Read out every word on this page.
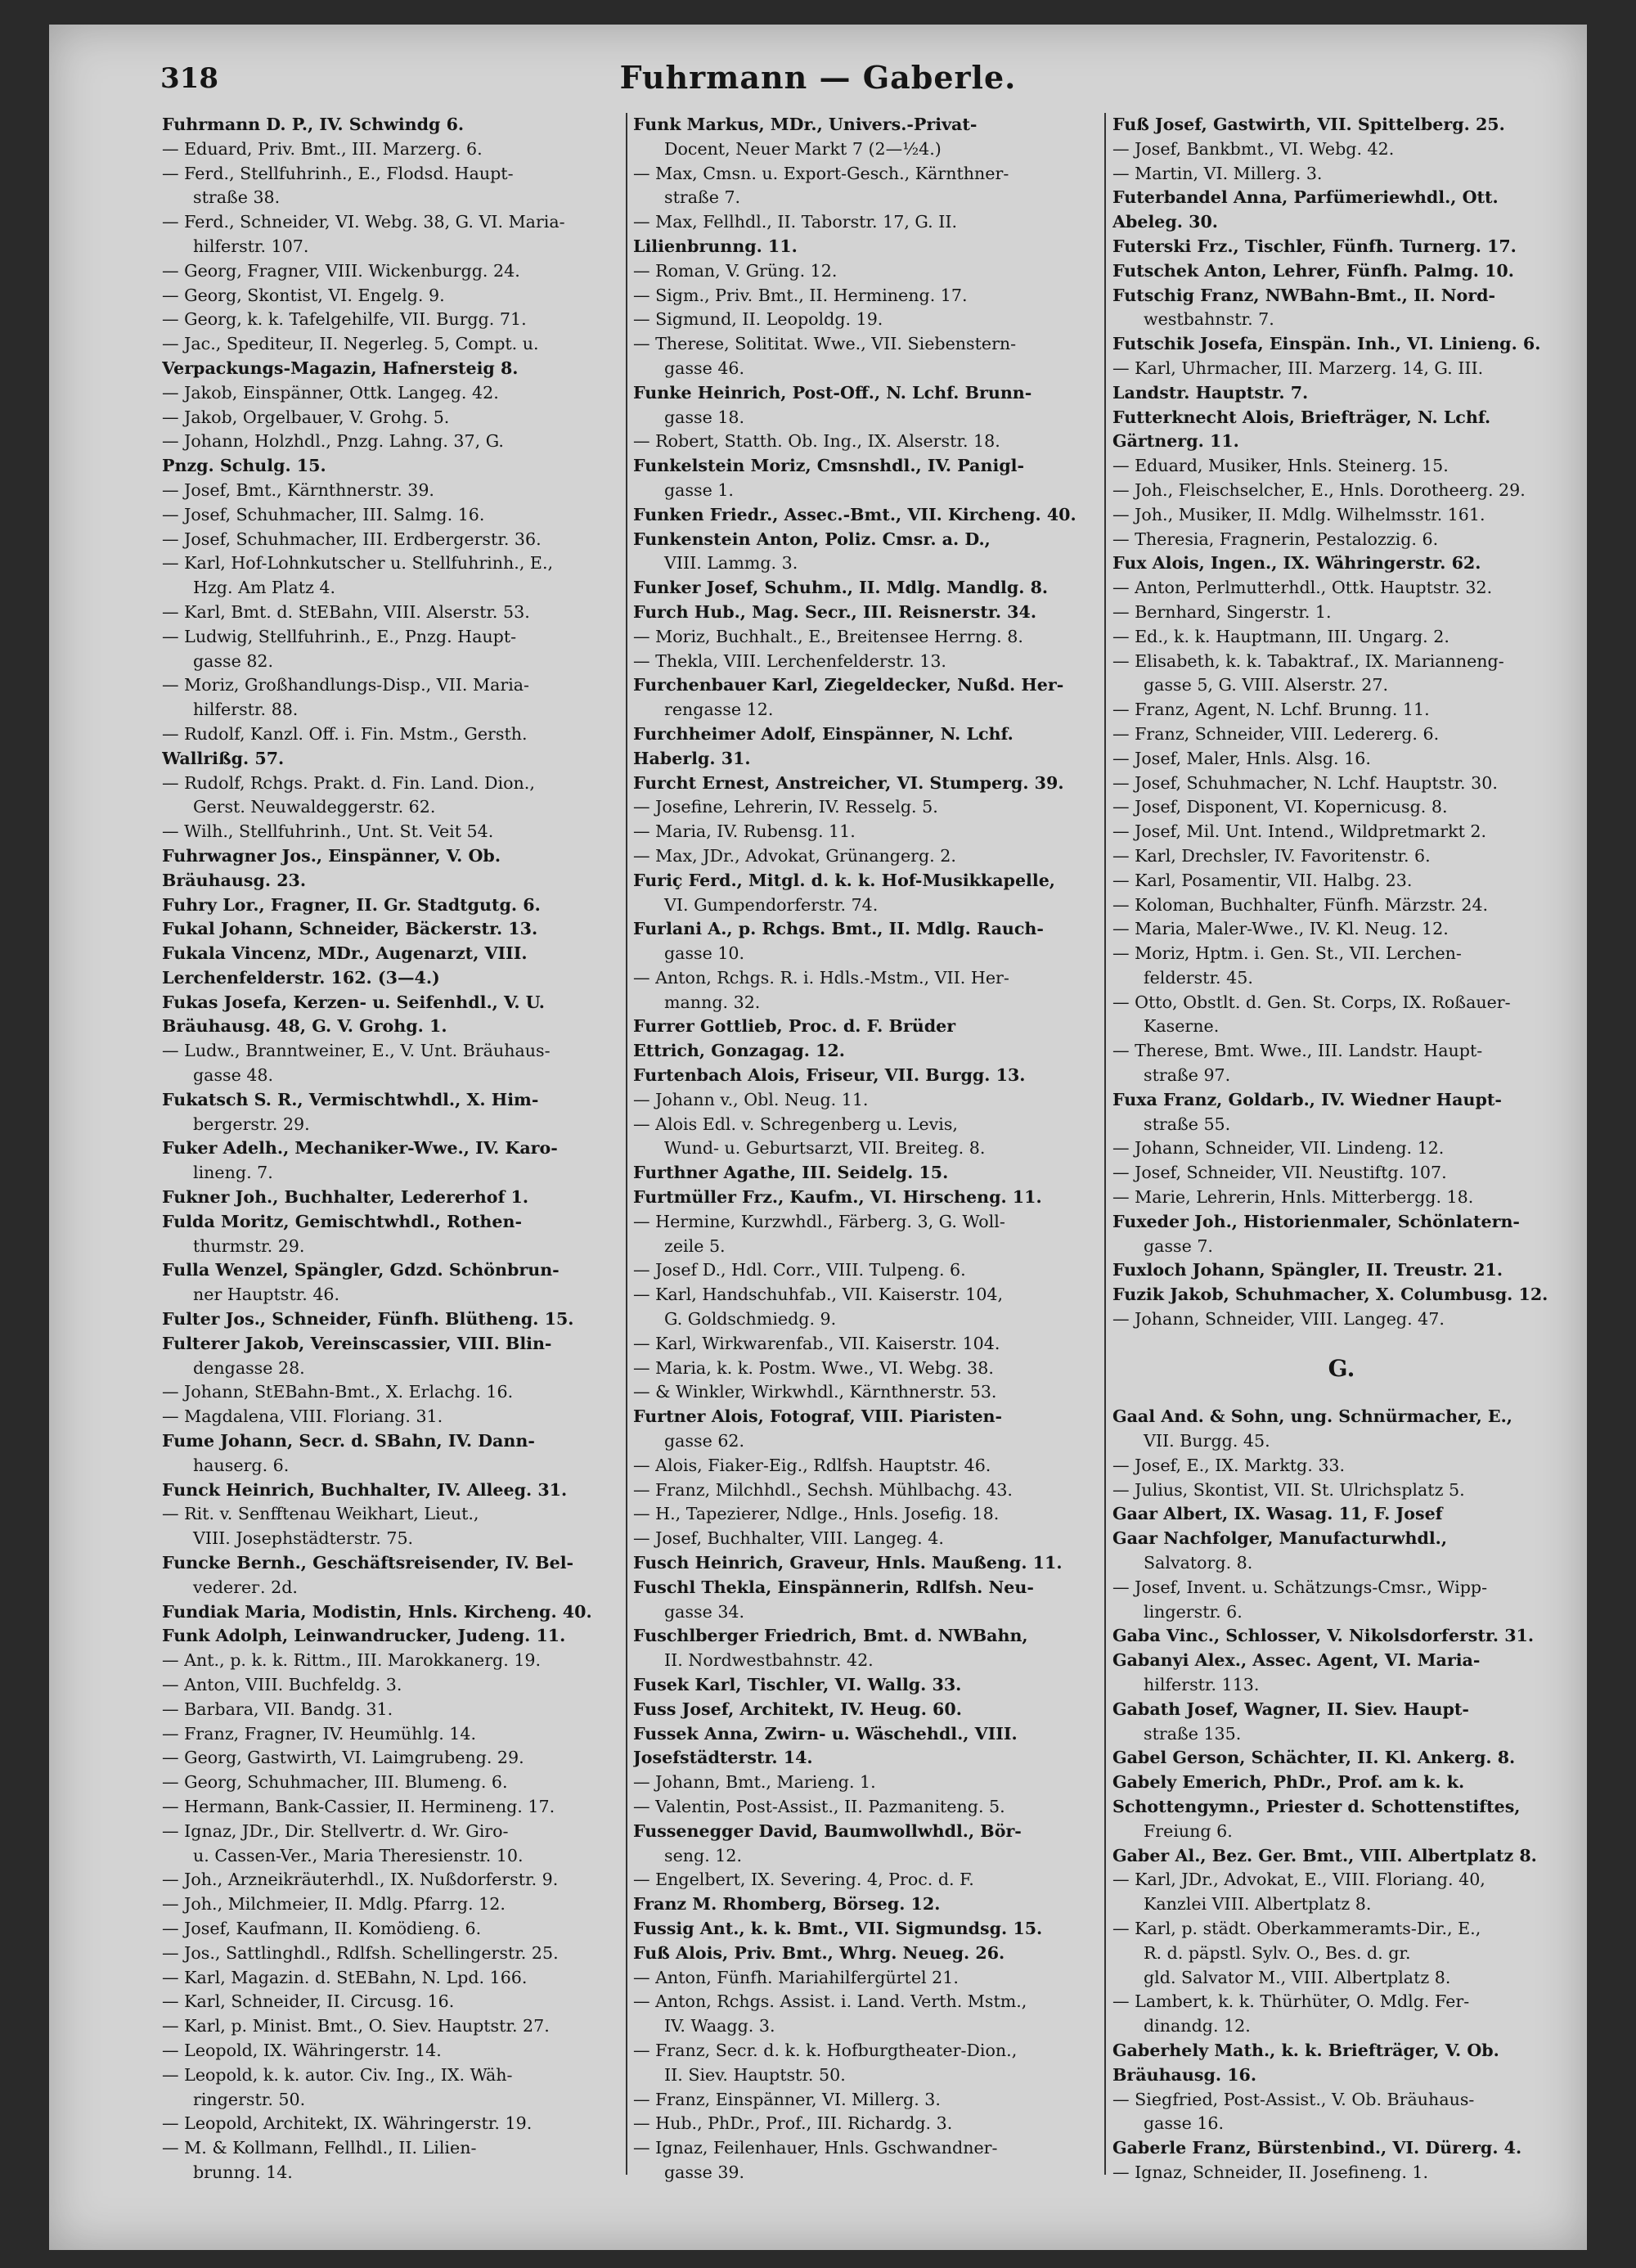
318	Fuhrmann — Gaberle.
Fuhrmann D. P., IV. Schwindg 6.
— Eduard, Priv. Bmt., III. Marzerg. 6.
— Ferd., Stellfuhrinh., E., Flodsd. Haupt-
straße 38.
— Ferd., Schneider, VI. Webg. 38, G. VI. Maria-
hilferstr. 107.
— Georg, Fragner, VIII. Wickenburgg. 24.
— Georg, Skontist, VI. Engelg. 9.
— Georg, k. k. Tafelgehilfe, VII. Burgg. 71.
— Jac., Spediteur, II. Negerleg. 5, Compt. u.
Verpackungs-Magazin, Hafnersteig 8.
— Jakob, Einspänner, Ottk. Langeg. 42.
— Jakob, Orgelbauer, V. Grohg. 5.
— Johann, Holzhdl., Pnzg. Lahng. 37, G.
Pnzg. Schulg. 15.
— Josef, Bmt., Kärnthnerstr. 39.
— Josef, Schuhmacher, III. Salmg. 16.
— Josef, Schuhmacher, III. Erdbergerstr. 36.
— Karl, Hof-Lohnkutscher u. Stellfuhrinh., E.,
Hzg. Am Platz 4.
— Karl, Bmt. d. StEBahn, VIII. Alserstr. 53.
— Ludwig, Stellfuhrinh., E., Pnzg. Haupt-
gasse 82.
— Moriz, Großhandlungs-Disp., VII. Maria-
hilferstr. 88.
— Rudolf, Kanzl. Off. i. Fin. Mstm., Gersth.
Wallrißg. 57.
— Rudolf, Rchgs. Prakt. d. Fin. Land. Dion.,
Gerst. Neuwaldeggerstr. 62.
— Wilh., Stellfuhrinh., Unt. St. Veit 54.
Fuhrwagner Jos., Einspänner, V. Ob.
Bräuhausg. 23.
Fuhry Lor., Fragner, II. Gr. Stadtgutg. 6.
Fukal Johann, Schneider, Bäckerstr. 13.
Fukala Vincenz, MDr., Augenarzt, VIII.
Lerchenfelderstr. 162. (3—4.)
Fukas Josefa, Kerzen- u. Seifenhdl., V. U.
Bräuhausg. 48, G. V. Grohg. 1.
— Ludw., Branntweiner, E., V. Unt. Bräuhaus-
gasse 48.
Fukatsch S. R., Vermischtwhdl., X. Him-
bergerstr. 29.
Fuker Adelh., Mechaniker-Wwe., IV. Karo-
lineng. 7.
Fukner Joh., Buchhalter, Ledererhof 1.
Fulda Moritz, Gemischtwhdl., Rothen-
thurmstr. 29.
Fulla Wenzel, Spängler, Gdzd. Schönbrun-
ner Hauptstr. 46.
Fulter Jos., Schneider, Fünfh. Blütheng. 15.
Fulterer Jakob, Vereinscassier, VIII. Blin-
dengasse 28.
— Johann, StEBahn-Bmt., X. Erlachg. 16.
— Magdalena, VIII. Floriang. 31.
Fume Johann, Secr. d. SBahn, IV. Dann-
hauserg. 6.
Funck Heinrich, Buchhalter, IV. Alleeg. 31.
— Rit. v. Senfftenau Weikhart, Lieut.,
VIII. Josephstädterstr. 75.
Funcke Bernh., Geschäftsreisender, IV. Bel-
vederег. 2d.
Fundiak Maria, Modistin, Hnls. Kircheng. 40.
Funk Adolph, Leinwandrucker, Judeng. 11.
— Ant., p. k. k. Rittm., III. Marokkanerg. 19.
— Anton, VIII. Buchfeldg. 3.
— Barbara, VII. Bandg. 31.
— Franz, Fragner, IV. Heumühlg. 14.
— Georg, Gastwirth, VI. Laimgrubeng. 29.
— Georg, Schuhmacher, III. Blumeng. 6.
— Hermann, Bank-Cassier, II. Hermineng. 17.
— Ignaz, JDr., Dir. Stellvertr. d. Wr. Giro-
u. Cassen-Ver., Maria Theresienstr. 10.
— Joh., Arzneikräuterhdl., IX. Nußdorferstr. 9.
— Joh., Milchmeier, II. Mdlg. Pfarrg. 12.
— Josef, Kaufmann, II. Komödieng. 6.
— Jos., Sattlinghdl., Rdlfsh. Schellingerstr. 25.
— Karl, Magazin. d. StEBahn, N. Lpd. 166.
— Karl, Schneider, II. Circusg. 16.
— Karl, p. Minist. Bmt., O. Siev. Hauptstr. 27.
— Leopold, IX. Währingerstr. 14.
— Leopold, k. k. autor. Civ. Ing., IX. Wäh-
ringerstr. 50.
— Leopold, Architekt, IX. Währingerstr. 19.
— M. & Kollmann, Fellhdl., II. Lilien-
brunng. 14.
Funk Markus, MDr., Univers.-Privat-
Docent, Neuer Markt 7 (2—½4.)
— Max, Cmsn. u. Export-Gesch., Kärnthner-
straße 7.
— Max, Fellhdl., II. Taborstr. 17, G. II.
Lilienbrunng. 11.
— Roman, V. Grüng. 12.
— Sigm., Priv. Bmt., II. Hermineng. 17.
— Sigmund, II. Leopoldg. 19.
— Therese, Solititat. Wwe., VII. Siebenstern-
gasse 46.
Funke Heinrich, Post-Off., N. Lchf. Brunn-
gasse 18.
— Robert, Statth. Ob. Ing., IX. Alserstr. 18.
Funkelstein Moriz, Cmsnshdl., IV. Panigl-
gasse 1.
Funken Friedr., Assec.-Bmt., VII. Kircheng. 40.
Funkenstein Anton, Poliz. Cmsr. a. D.,
VIII. Lammg. 3.
Funker Josef, Schuhm., II. Mdlg. Mandlg. 8.
Furch Hub., Mag. Secr., III. Reisnerstr. 34.
— Moriz, Buchhalt., E., Breitensee Herrng. 8.
— Thekla, VIII. Lerchenfelderstr. 13.
Furchenbauer Karl, Ziegeldecker, Nußd. Her-
rengasse 12.
Furchheimer Adolf, Einspänner, N. Lchf.
Haberlg. 31.
Furcht Ernest, Anstreicher, VI. Stumperg. 39.
— Josefine, Lehrerin, IV. Resselg. 5.
— Maria, IV. Rubensg. 11.
— Max, JDr., Advokat, Grünangerg. 2.
Furiç Ferd., Mitgl. d. k. k. Hof-Musikkapelle,
VI. Gumpendorferstr. 74.
Furlani A., p. Rchgs. Bmt., II. Mdlg. Rauch-
gasse 10.
— Anton, Rchgs. R. i. Hdls.-Mstm., VII. Her-
manng. 32.
Furrer Gottlieb, Proc. d. F. Brüder
Ettrich, Gonzagag. 12.
Furtenbach Alois, Friseur, VII. Burgg. 13.
— Johann v., Obl. Neug. 11.
— Alois Edl. v. Schregenberg u. Levis,
Wund- u. Geburtsarzt, VII. Breiteg. 8.
Furthner Agathe, III. Seidelg. 15.
Furtmüller Frz., Kaufm., VI. Hirscheng. 11.
— Hermine, Kurzwhdl., Färberg. 3, G. Woll-
zeile 5.
— Josef D., Hdl. Corr., VIII. Tulpeng. 6.
— Karl, Handschuhfab., VII. Kaiserstr. 104,
G. Goldschmiedg. 9.
— Karl, Wirkwarenfab., VII. Kaiserstr. 104.
— Maria, k. k. Postm. Wwe., VI. Webg. 38.
— & Winkler, Wirkwhdl., Kärnthnerstr. 53.
Furtner Alois, Fotograf, VIII. Piaristen-
gasse 62.
— Alois, Fiaker-Eig., Rdlfsh. Hauptstr. 46.
— Franz, Milchhdl., Sechsh. Mühlbachg. 43.
— H., Tapezierer, Ndlge., Hnls. Josefig. 18.
— Josef, Buchhalter, VIII. Langeg. 4.
Fusch Heinrich, Graveur, Hnls. Maußeng. 11.
Fuschl Thekla, Einspännerin, Rdlfsh. Neu-
gasse 34.
Fuschlberger Friedrich, Bmt. d. NWBahn,
II. Nordwestbahnstr. 42.
Fusek Karl, Tischler, VI. Wallg. 33.
Fuss Josef, Architekt, IV. Heug. 60.
Fussek Anna, Zwirn- u. Wäschehdl., VIII.
Josefstädterstr. 14.
— Johann, Bmt., Marieng. 1.
— Valentin, Post-Assist., II. Pazmaniteng. 5.
Fussenegger David, Baumwollwhdl., Bör-
seng. 12.
— Engelbert, IX. Severing. 4, Proc. d. F.
Franz M. Rhomberg, Börseg. 12.
Fussig Ant., k. k. Bmt., VII. Sigmundsg. 15.
Fuß Alois, Priv. Bmt., Whrg. Neueg. 26.
— Anton, Fünfh. Mariahilfergürtel 21.
— Anton, Rchgs. Assist. i. Land. Verth. Mstm.,
IV. Waagg. 3.
— Franz, Secr. d. k. k. Hofburgtheater-Dion.,
II. Siev. Hauptstr. 50.
— Franz, Einspänner, VI. Millerg. 3.
— Hub., PhDr., Prof., III. Richardg. 3.
— Ignaz, Feilenhauer, Hnls. Gschwandner-
gasse 39.
Fuß Josef, Gastwirth, VII. Spittelberg. 25.
— Josef, Bankbmt., VI. Webg. 42.
— Martin, VI. Millerg. 3.
Futerbandel Anna, Parfümeriewhdl., Ott.
Abeleg. 30.
Futerski Frz., Tischler, Fünfh. Turnerg. 17.
Futschek Anton, Lehrer, Fünfh. Palmg. 10.
Futschig Franz, NWBahn-Bmt., II. Nord-
westbahnstr. 7.
Futschik Josefa, Einspän. Inh., VI. Linieng. 6.
— Karl, Uhrmacher, III. Marzerg. 14, G. III.
Landstr. Hauptstr. 7.
Futterknecht Alois, Briefträger, N. Lchf.
Gärtnerg. 11.
— Eduard, Musiker, Hnls. Steinerg. 15.
— Joh., Fleischselcher, E., Hnls. Dorotheerg. 29.
— Joh., Musiker, II. Mdlg. Wilhelmsstr. 161.
— Theresia, Fragnerin, Pestalozzig. 6.
Fux Alois, Ingen., IX. Währingerstr. 62.
— Anton, Perlmutterhdl., Ottk. Hauptstr. 32.
— Bernhard, Singerstr. 1.
— Ed., k. k. Hauptmann, III. Ungarg. 2.
— Elisabeth, k. k. Tabaktraf., IX. Marianneng-
gasse 5, G. VIII. Alserstr. 27.
— Franz, Agent, N. Lchf. Brunng. 11.
— Franz, Schneider, VIII. Ledererg. 6.
— Josef, Maler, Hnls. Alsg. 16.
— Josef, Schuhmacher, N. Lchf. Hauptstr. 30.
— Josef, Disponent, VI. Kopernicusg. 8.
— Josef, Mil. Unt. Intend., Wildpretmarkt 2.
— Karl, Drechsler, IV. Favoritenstr. 6.
— Karl, Posamentir, VII. Halbg. 23.
— Koloman, Buchhalter, Fünfh. Märzstr. 24.
— Maria, Maler-Wwe., IV. Kl. Neug. 12.
— Moriz, Hptm. i. Gen. St., VII. Lerchen-
felderstr. 45.
— Otto, Obstlt. d. Gen. St. Corps, IX. Roßauer-
Kaserne.
— Therese, Bmt. Wwe., III. Landstr. Haupt-
straße 97.
Fuxa Franz, Goldarb., IV. Wiedner Haupt-
straße 55.
— Johann, Schneider, VII. Lindeng. 12.
— Josef, Schneider, VII. Neustiftg. 107.
— Marie, Lehrerin, Hnls. Mitterbergg. 18.
Fuxeder Joh., Historienmaler, Schönlatern-
gasse 7.
Fuxloch Johann, Spängler, II. Treustr. 21.
Fuzik Jakob, Schuhmacher, X. Columbusg. 12.
— Johann, Schneider, VIII. Langeg. 47.
G.
Gaal And. & Sohn, ung. Schnürmacher, E.,
VII. Burgg. 45.
— Josef, E., IX. Marktg. 33.
— Julius, Skontist, VII. St. Ulrichsplatz 5.
Gaar Albert, IX. Wasag. 11, F. Josef
Gaar Nachfolger, Manufacturwhdl.,
Salvatorg. 8.
— Josef, Invent. u. Schätzungs-Cmsr., Wipp-
lingerstr. 6.
Gaba Vinc., Schlosser, V. Nikolsdorferstr. 31.
Gabanyi Alex., Assec. Agent, VI. Maria-
hilferstr. 113.
Gabath Josef, Wagner, II. Siev. Haupt-
straße 135.
Gabel Gerson, Schächter, II. Kl. Ankerg. 8.
Gabely Emerich, PhDr., Prof. am k. k.
Schottengymn., Priester d. Schottenstiftes,
Freiung 6.
Gaber Al., Bez. Ger. Bmt., VIII. Albertplatz 8.
— Karl, JDr., Advokat, E., VIII. Floriang. 40,
Kanzlei VIII. Albertplatz 8.
— Karl, p. städt. Oberkammeramts-Dir., E.,
R. d. päpstl. Sylv. O., Bes. d. gr.
gld. Salvator M., VIII. Albertplatz 8.
— Lambert, k. k. Thürhüter, O. Mdlg. Fer-
dinandg. 12.
Gaberhely Math., k. k. Briefträger, V. Ob.
Bräuhausg. 16.
— Siegfried, Post-Assist., V. Ob. Bräuhaus-
gasse 16.
Gaberle Franz, Bürstenbind., VI. Dürerg. 4.
— Ignaz, Schneider, II. Josefineng. 1.
